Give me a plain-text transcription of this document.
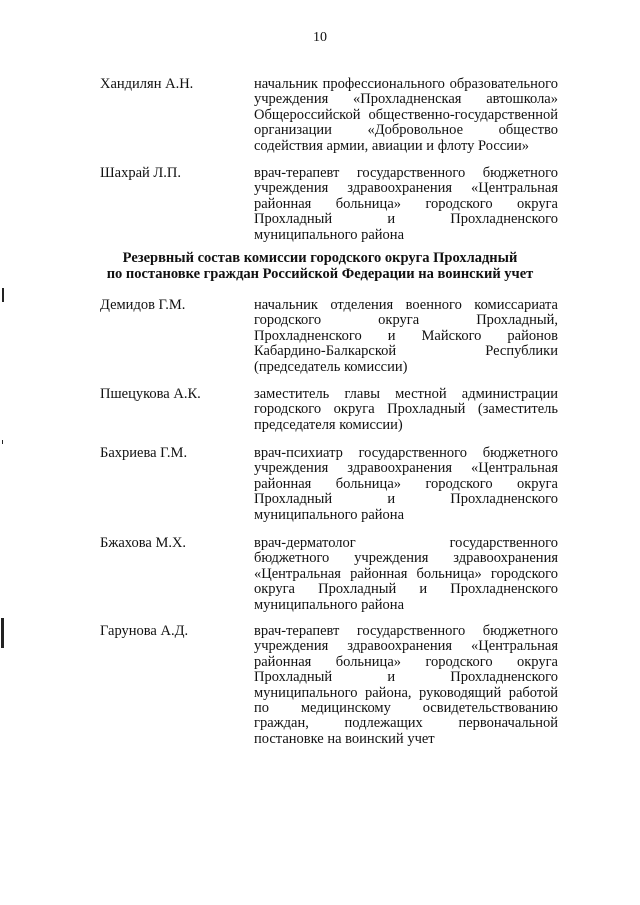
10
Хандилян А.Н.	начальник профессионального образовательного
учреждения «Прохладненская автошкола»
Общероссийской общественно-государственной
организации «Добровольное общество
содействия армии, авиации и флоту России»
Шахрай Л.П.	врач-терапевт государственного бюджетного
учреждения здравоохранения «Центральная
районная больница» городского округа
Прохладный и Прохладненского
муниципального района
Резервный состав комиссии городского округа Прохладный
по постановке граждан Российской Федерации на воинский учет
Демидов Г.М.	начальник отделения военного комиссариата
городского округа Прохладный,
Прохладненского и Майского районов
Кабардино-Балкарской Республики
(председатель комиссии)
Пшецукова А.К.	заместитель главы местной администрации
городского округа Прохладный (заместитель
председателя комиссии)
Бахриева Г.М.	врач-психиатр государственного бюджетного
учреждения здравоохранения «Центральная
районная больница» городского округа
Прохладный и Прохладненского
муниципального района
Бжахова М.Х.	врач-дерматолог государственного
бюджетного учреждения здравоохранения
«Центральная районная больница» городского
округа Прохладный и Прохладненского
муниципального района
Гарунова А.Д.	врач-терапевт государственного бюджетного
учреждения здравоохранения «Центральная
районная больница» городского округа
Прохладный и Прохладненского
муниципального района, руководящий работой
по медицинскому освидетельствованию
граждан, подлежащих первоначальной
постановке на воинский учет
